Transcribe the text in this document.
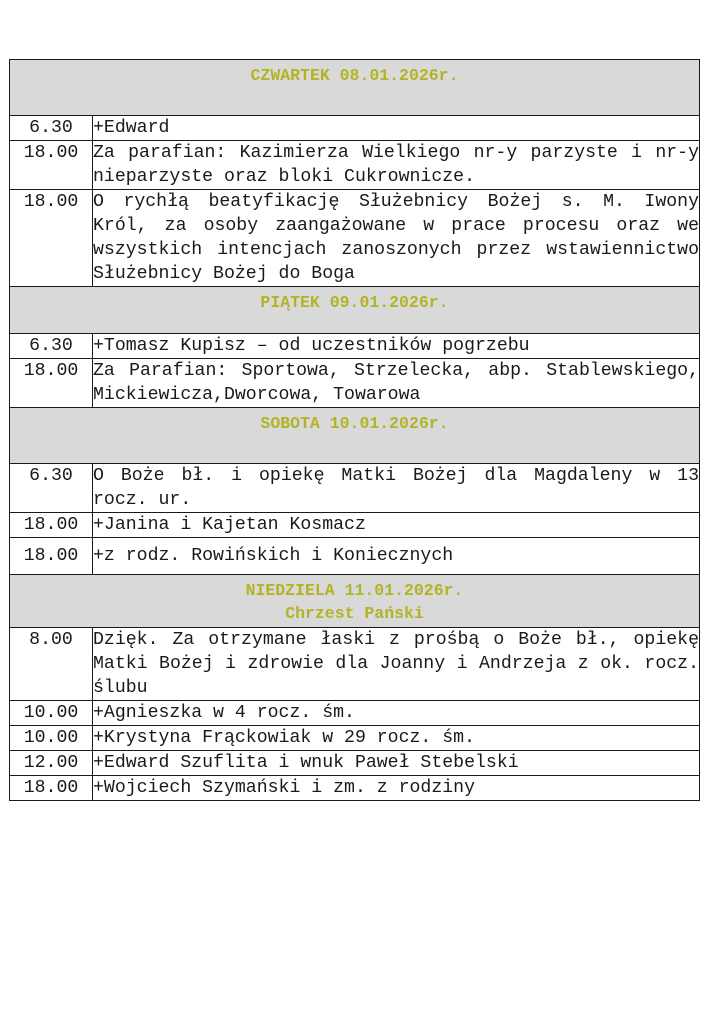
CZWARTEK 08.01.2026r.	

6.30	+Edward
18.00	Za parafian: Kazimierza Wielkiego nr-y parzyste i nr-y nieparzyste oraz bloki Cukrownicze.
18.00	O rychłą beatyfikację Służebnicy Bożej s. M. Iwony Król, za osoby zaangażowane w prace procesu oraz we wszystkich intencjach zanoszonych przez wstawiennictwo Służebnicy Bożej do Boga

PIĄTEK 09.01.2026r.	

6.30	+Tomasz Kupisz – od uczestników pogrzebu
18.00	Za Parafian: Sportowa, Strzelecka, abp. Stablewskiego, Mickiewicza,Dworcowa, Towarowa

SOBOTA 10.01.2026r.	

6.30	O Boże bł. i opiekę Matki Bożej dla Magdaleny w 13 rocz. ur.
18.00	+Janina i Kajetan Kosmacz
18.00	+z rodz. Rowińskich i Koniecznych

NIEDZIELA 11.01.2026r.
Chrzest Pański	

8.00	Dzięk. Za otrzymane łaski z prośbą o Boże bł., opiekę Matki Bożej i zdrowie dla Joanny i Andrzeja z ok. rocz. ślubu
10.00	+Agnieszka w 4 rocz. śm.
10.00	+Krystyna Frąckowiak w 29 rocz. śm.
12.00	+Edward Szuflita i wnuk Paweł Stebelski
18.00	+Wojciech Szymański i zm. z rodziny
